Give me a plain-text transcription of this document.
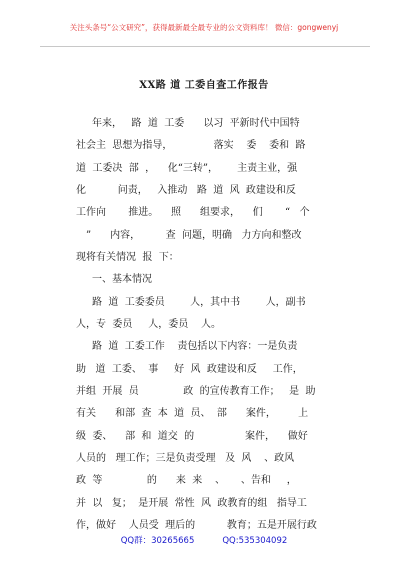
关注头条号“公文研究”，获得最新最全最专业的公文资料库！ 微信：gongwenyj
XX路 道 工委自查工作报告
年来，   路  道  工委      以习  平新时代中国特
社会主  思想为指导，             落实    委    委和  路
道  工委决  部  ，    化“三转”，      主责主业，强
化          问责，   入推动   路  道  风  政建设和反
工作向       推进。    照      组要求，    们       “   个
”      内容，        查  问题，明确   力方向和整改
现将有关情况  报  下：
一、基本情况
路  道  工委委员        人，其中书        人，副书
人，专  委员     人，委员    人。
路  道  工委工作    责包括以下内容：一是负责
助   道  工委、  事     好  风  政建设和反     工作，
并组  开展  员              政  的宣传教育工作；   是  助
有关      和部  查  本  道  员、  部      案件，       上
级  委、    部  和  道交  的                案件，    做好
QQ群：30265665	QQ:535304092
人员的   理工作；三是负责受理   及  风    、政风
政  等              的      来  来    、     、告和     ，
并  以   复；  是开展  常性  风  政教育的组   指导工
作，做好    人员受  理后的          教育；五是开展行政
